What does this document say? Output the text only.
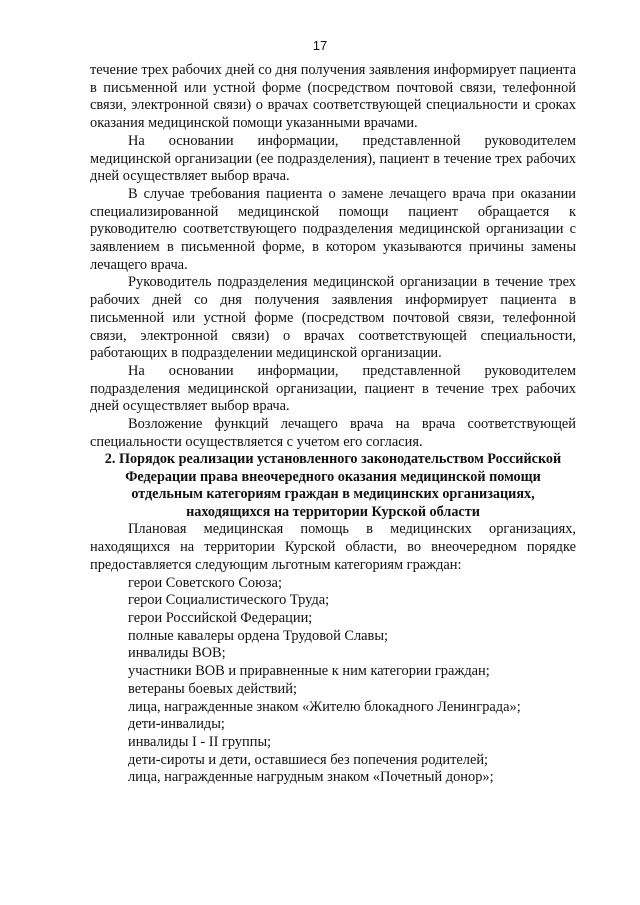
17

течение трех рабочих дней со дня получения заявления информирует пациента в письменной или устной форме (посредством почтовой связи, телефонной связи, электронной связи) о врачах соответствующей специальности и сроках оказания медицинской помощи указанными врачами.

На основании информации, представленной руководителем медицинской организации (ее подразделения), пациент в течение трех рабочих дней осуществляет выбор врача.

В случае требования пациента о замене лечащего врача при оказании специализированной медицинской помощи пациент обращается к руководителю соответствующего подразделения медицинской организации с заявлением в письменной форме, в котором указываются причины замены лечащего врача.

Руководитель подразделения медицинской организации в течение трех рабочих дней со дня получения заявления информирует пациента в письменной или устной форме (посредством почтовой связи, телефонной связи, электронной связи) о врачах соответствующей специальности, работающих в подразделении медицинской организации.

На основании информации, представленной руководителем подразделения медицинской организации, пациент в течение трех рабочих дней осуществляет выбор врача.

Возложение функций лечащего врача на врача соответствующей специальности осуществляется с учетом его согласия.

2. Порядок реализации установленного законодательством Российской Федерации права внеочередного оказания медицинской помощи отдельным категориям граждан в медицинских организациях, находящихся на территории Курской области

Плановая медицинская помощь в медицинских организациях, находящихся на территории Курской области, во внеочередном порядке предоставляется следующим льготным категориям граждан:

герои Советского Союза;
герои Социалистического Труда;
герои Российской Федерации;
полные кавалеры ордена Трудовой Славы;
инвалиды ВОВ;
участники ВОВ и приравненные к ним категории граждан;
ветераны боевых действий;
лица, награжденные знаком «Жителю блокадного Ленинграда»;
дети-инвалиды;
инвалиды I - II группы;
дети-сироты и дети, оставшиеся без попечения родителей;
лица, награжденные нагрудным знаком «Почетный донор»;
